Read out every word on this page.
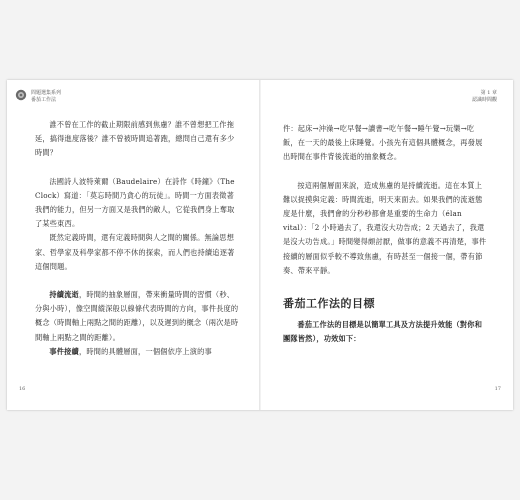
問題選集系列
番茄工作法

誰不曾在工作的截止期限前感到焦慮？誰不曾想把工作拖延，搞得進度落後？誰不曾被時間追著跑，總問自己還有多少時間？

法國詩人波特萊爾（Baudelaire）在詩作《時鐘》（The Clock）寫道：「莫忘時間乃貪心的玩徒」。時間一方面表徵著我們的能力，但另一方面又是我們的敵人，它從我們身上奪取了某些東西。

既然定義時間，還有定義時間與人之間的關係。無論思想家、哲學家及科學家都不停不休的探索，而人們也持續追逐著這個問題。

持續流逝，時間的抽象層面，帶來衝量時間的習慣（秒、分與小時），像空間縱深般以線條代表時間的方向，事件長度的概念（時間軸上兩點之間的距離），以及遲到的概念（兩次是時間軸上兩點之間的距離）。

事件接續，時間的具體層面，一個個依序上演的事

16
第 1 章
認識時間觀

件：起床→沖澡→吃早餐→讀書→吃午餐→睡午覺→玩樂→吃飯，在一天的最後上床睡覺。小孩先有這個具體概念，再發展出時間在事件背後流逝的抽象概念。

按這兩個層面來說，造成焦慮的是持續流逝。這在本質上難以捉摸與定義：時間流逝，明天來面去。如果我們的流逝態度是什麼，我們會的分秒秒都會是重要的生命力（élan vital）：「2 小時過去了，我還沒大功告成；2 天過去了，我還是沒大功告成。」時間變得頗討厭，做事的意義不再清楚，事件接續的層面似乎較不導致焦慮，有時甚至一個接一個，帶有節奏、帶來平靜。

番茄工作法的目標

番茄工作法的目標是以簡單工具及方法提升效能（對你和團隊皆然），功效如下：

17
